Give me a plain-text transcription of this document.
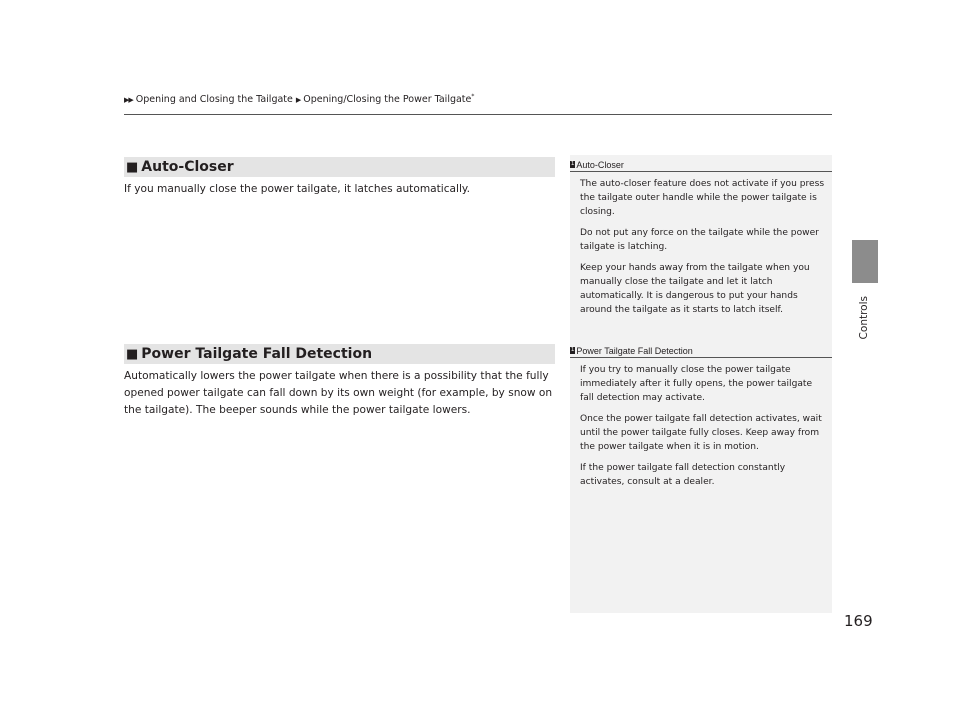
▶▶ Opening and Closing the Tailgate ▶ Opening/Closing the Power Tailgate*
Controls
■ Auto-Closer
If you manually close the power tailgate, it latches automatically.
■ Power Tailgate Fall Detection
Automatically lowers the power tailgate when there is a possibility that the fully
opened power tailgate can fall down by its own weight (for example, by snow on
the tailgate). The beeper sounds while the power tailgate lowers.
1 Auto-Closer
The auto-closer feature does not activate if you press
the tailgate outer handle while the power tailgate is
closing.
Do not put any force on the tailgate while the power
tailgate is latching.
Keep your hands away from the tailgate when you
manually close the tailgate and let it latch
automatically. It is dangerous to put your hands
around the tailgate as it starts to latch itself.
1 Power Tailgate Fall Detection
If you try to manually close the power tailgate
immediately after it fully opens, the power tailgate
fall detection may activate.
Once the power tailgate fall detection activates, wait
until the power tailgate fully closes. Keep away from
the power tailgate when it is in motion.
If the power tailgate fall detection constantly
activates, consult at a dealer.
169
